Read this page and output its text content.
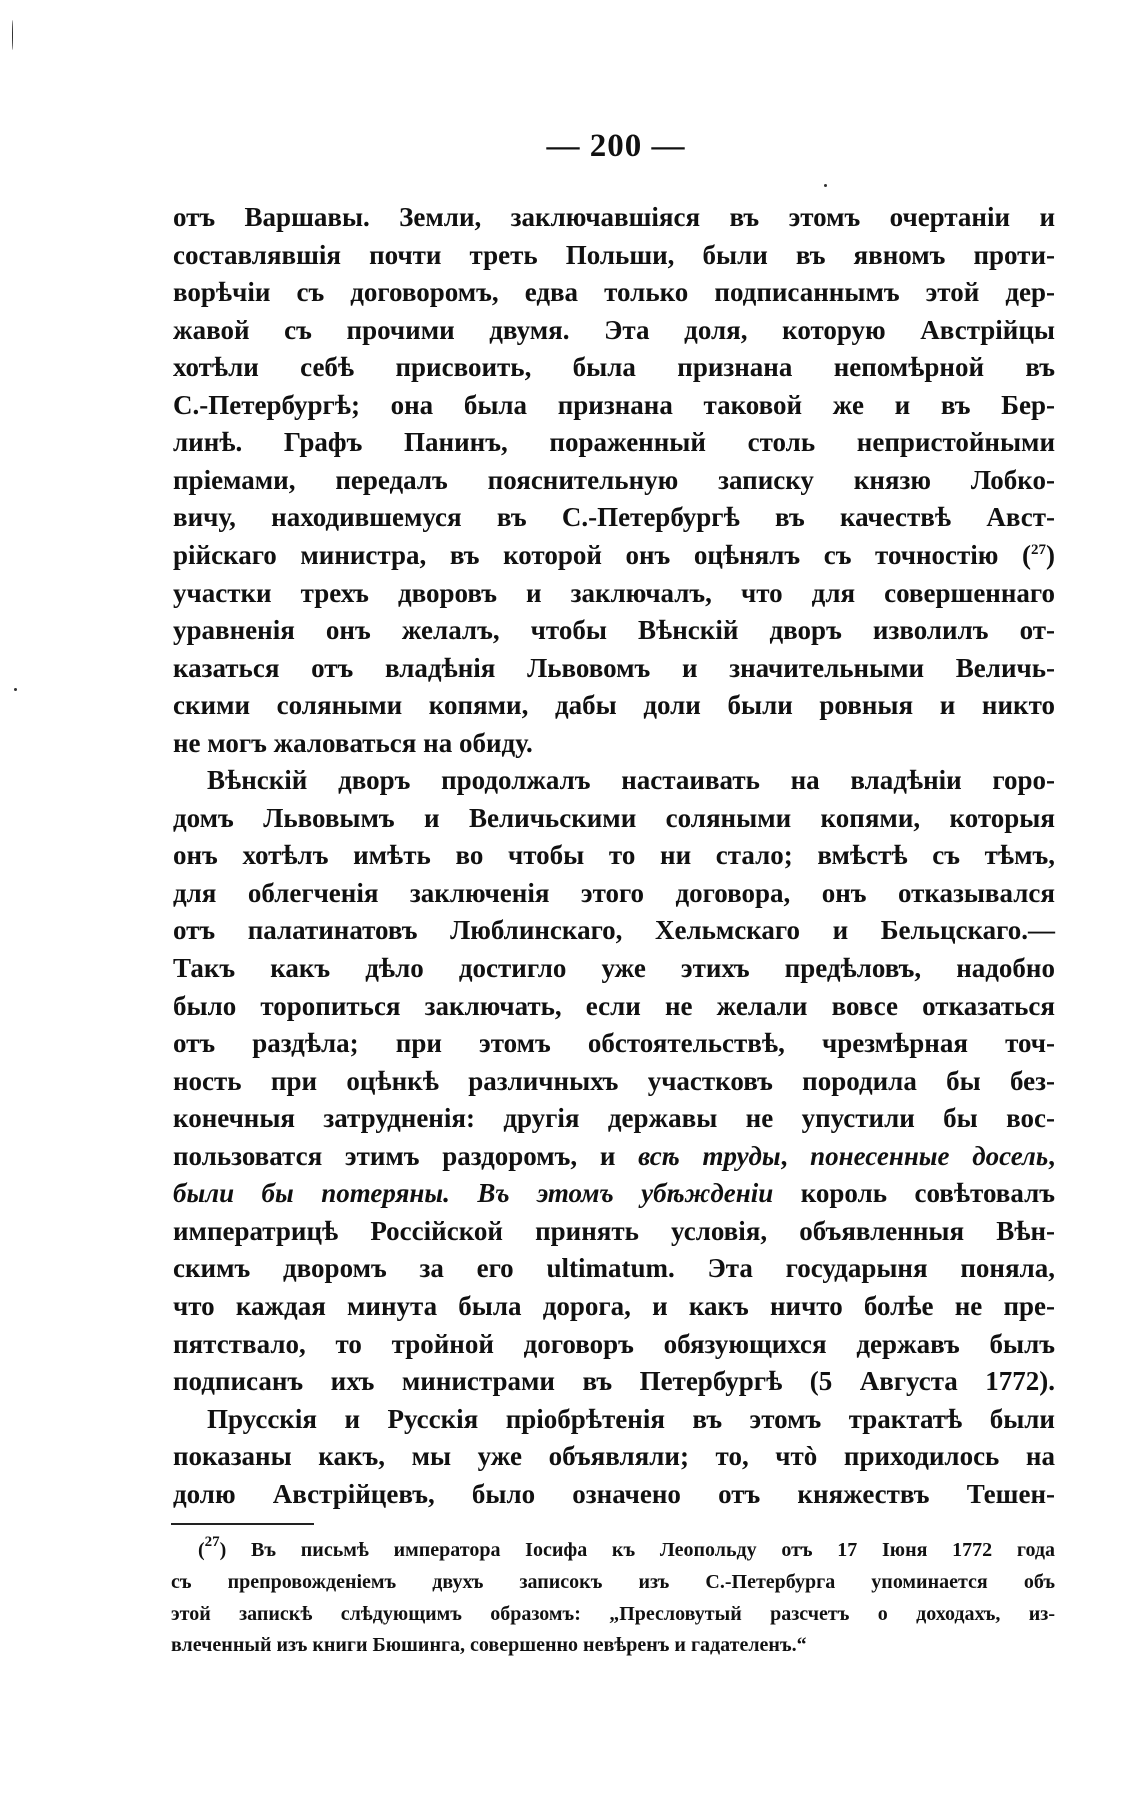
— 200 —
отъ Варшавы. Земли, заключавшіяся въ этомъ очертаніи и
составлявшія почти треть Польши, были въ явномъ проти-
ворѣчіи съ договоромъ, едва только подписаннымъ этой дер-
жавой съ прочими двумя. Эта доля, которую Австрійцы
хотѣли себѣ присвоить, была признана непомѣрной въ
С.-Петербургѣ; она была признана таковой же и въ Бер-
линѣ. Графъ Панинъ, пораженный столь непристойными
пріемами, передалъ пояснительную записку князю Лобко-
вичу, находившемуся въ С.-Петербургѣ въ качествѣ Авст-
рійскаго министра, въ которой онъ оцѣнялъ съ точностію ($^{27}$)
участки трехъ дворовъ и заключалъ, что для совершеннаго
уравненія онъ желалъ, чтобы Вѣнскій дворъ изволилъ от-
казаться отъ владѣнія Львовомъ и значительными Величь-
скими соляными копями, дабы доли были ровныя и никто
не могъ жаловаться на обиду.
Вѣнскій дворъ продолжалъ настаивать на владѣніи горо-
домъ Львовымъ и Величьскими соляными копями, которыя
онъ хотѣлъ имѣть во чтобы то ни стало; вмѣстѣ съ тѣмъ,
для облегченія заключенія этого договора, онъ отказывался
отъ палатинатовъ Люблинскаго, Хельмскаго и Бельцскаго.—
Такъ какъ дѣло достигло уже этихъ предѣловъ, надобно
было торопиться заключать, если не желали вовсе отказаться
отъ раздѣла; при этомъ обстоятельствѣ, чрезмѣрная точ-
ность при оцѣнкѣ различныхъ участковъ породила бы без-
конечныя затрудненія: другія державы не упустили бы вос-
пользоватся этимъ раздоромъ, и всѣ труды, понесенные досель,
были бы потеряны. Въ этомъ убѣжденіи король совѣтовалъ
императрицѣ Россійской принять условія, объявленныя Вѣн-
скимъ дворомъ за его ultimatum. Эта государыня поняла,
что каждая минута была дорога, и какъ ничто болѣе не пре-
пятствало, то тройной договоръ обязующихся державъ былъ
подписанъ ихъ министрами въ Петербургѣ (5 Августа 1772).
Прусскія и Русскія пріобрѣтенія въ этомъ трактатѣ были
показаны какъ, мы уже объявляли; то, чтò приходилось на
долю Австрійцевъ, было означено отъ княжествъ Тешен-
($^{27}$) Въ письмѣ императора Іосифа къ Леопольду отъ 17 Іюня 1772 года
съ препровожденіемъ двухъ записокъ изъ С.-Петербурга упоминается объ
этой запискѣ слѣдующимъ образомъ: „Пресловутый разсчетъ о доходахъ, из-
влеченный изъ книги Бюшинга, совершенно невѣренъ и гадателенъ.“
